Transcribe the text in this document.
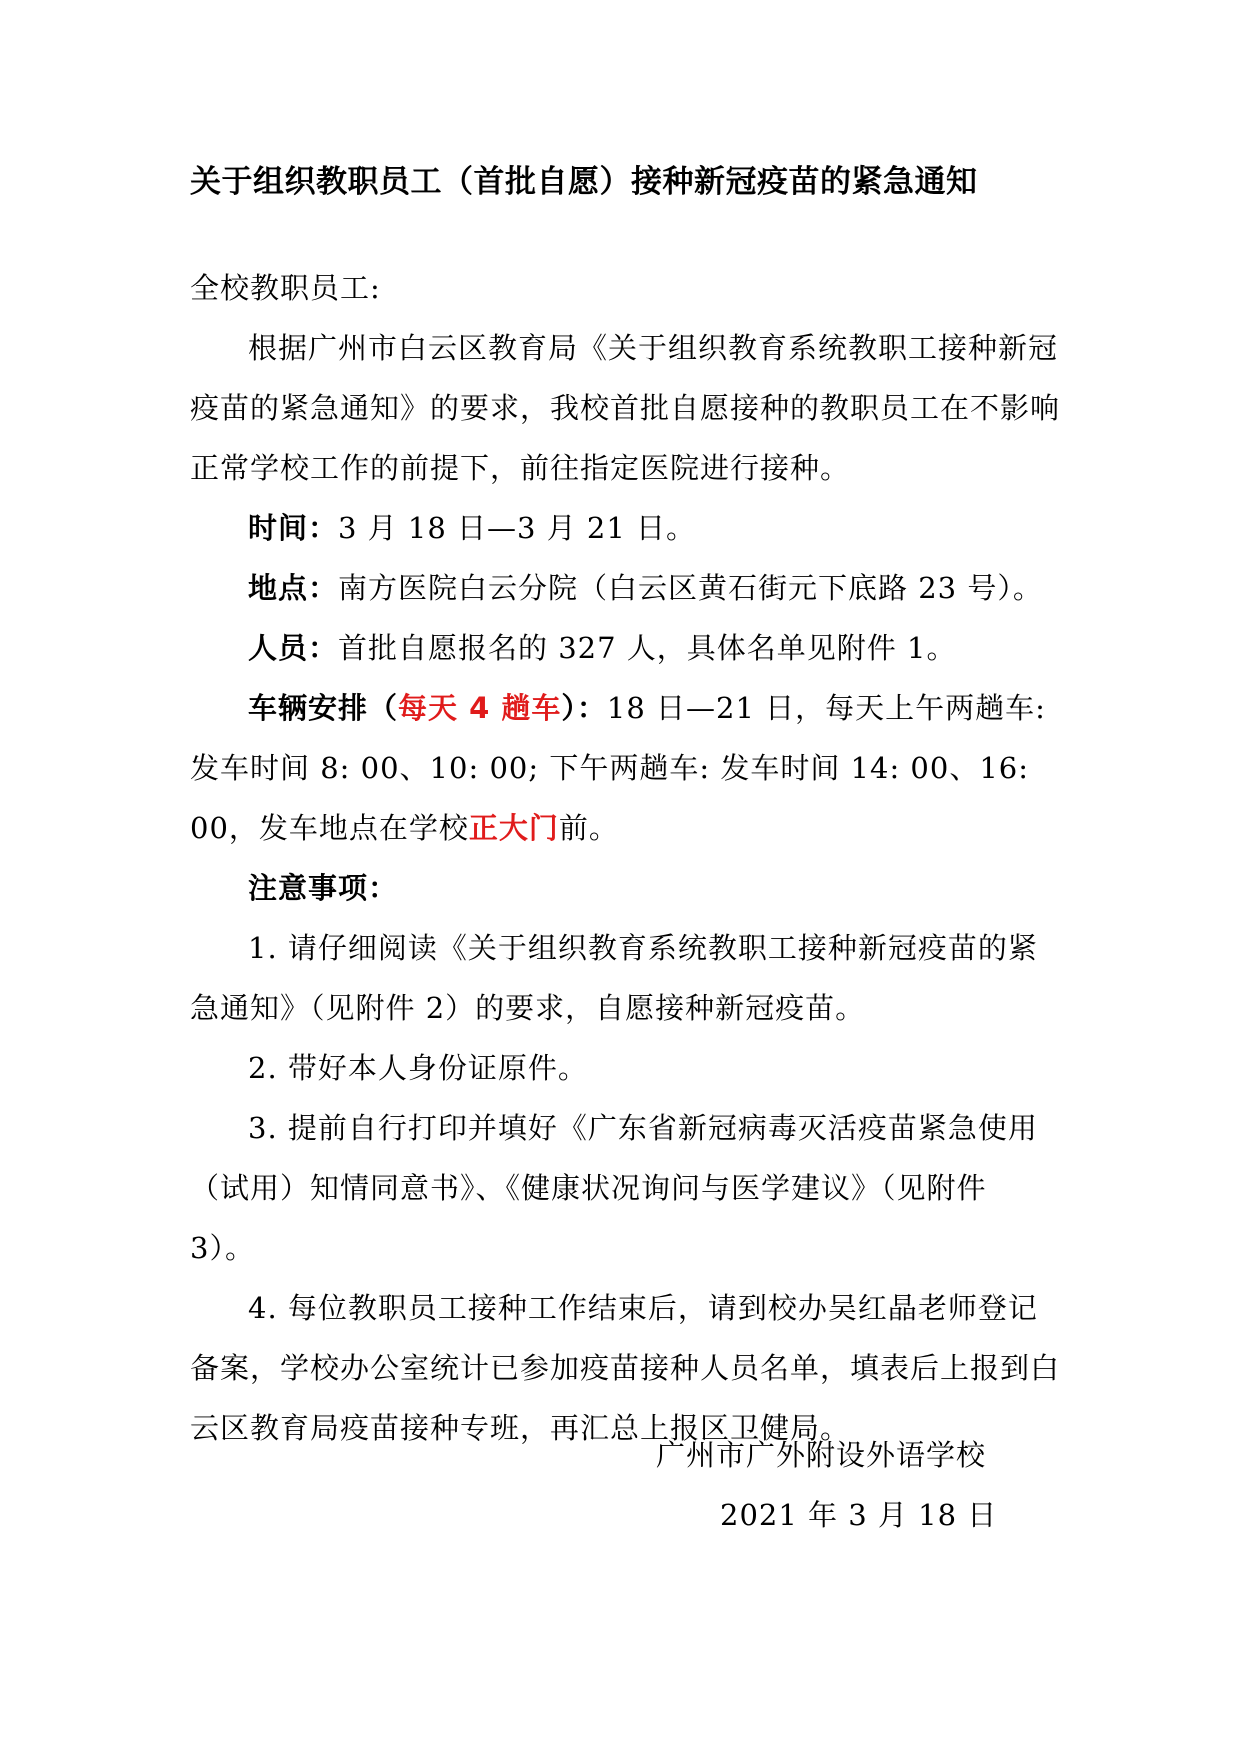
关于组织教职员工（首批自愿）接种新冠疫苗的紧急通知

全校教职员工:

根据广州市白云区教育局《关于组织教育系统教职工接种新冠疫苗的紧急通知》的要求，我校首批自愿接种的教职员工在不影响正常学校工作的前提下，前往指定医院进行接种。

时间：3 月 18 日—3 月 21 日。

地点：南方医院白云分院（白云区黄石街元下底路 23 号）。

人员：首批自愿报名的 327 人，具体名单见附件 1。

车辆安排（每天 4 趟车）：18 日—21 日，每天上午两趟车: 发车时间 8: 00、10: 00; 下午两趟车: 发车时间 14: 00、16: 00，发车地点在学校正大门前。

注意事项：

1. 请仔细阅读《关于组织教育系统教职工接种新冠疫苗的紧急通知》（见附件 2）的要求，自愿接种新冠疫苗。

2. 带好本人身份证原件。

3. 提前自行打印并填好《广东省新冠病毒灭活疫苗紧急使用（试用）知情同意书》、《健康状况询问与医学建议》（见附件 3）。

4. 每位教职员工接种工作结束后，请到校办吴红晶老师登记备案，学校办公室统计已参加疫苗接种人员名单，填表后上报到白云区教育局疫苗接种专班，再汇总上报区卫健局。

广州市广外附设外语学校
2021 年 3 月 18 日
